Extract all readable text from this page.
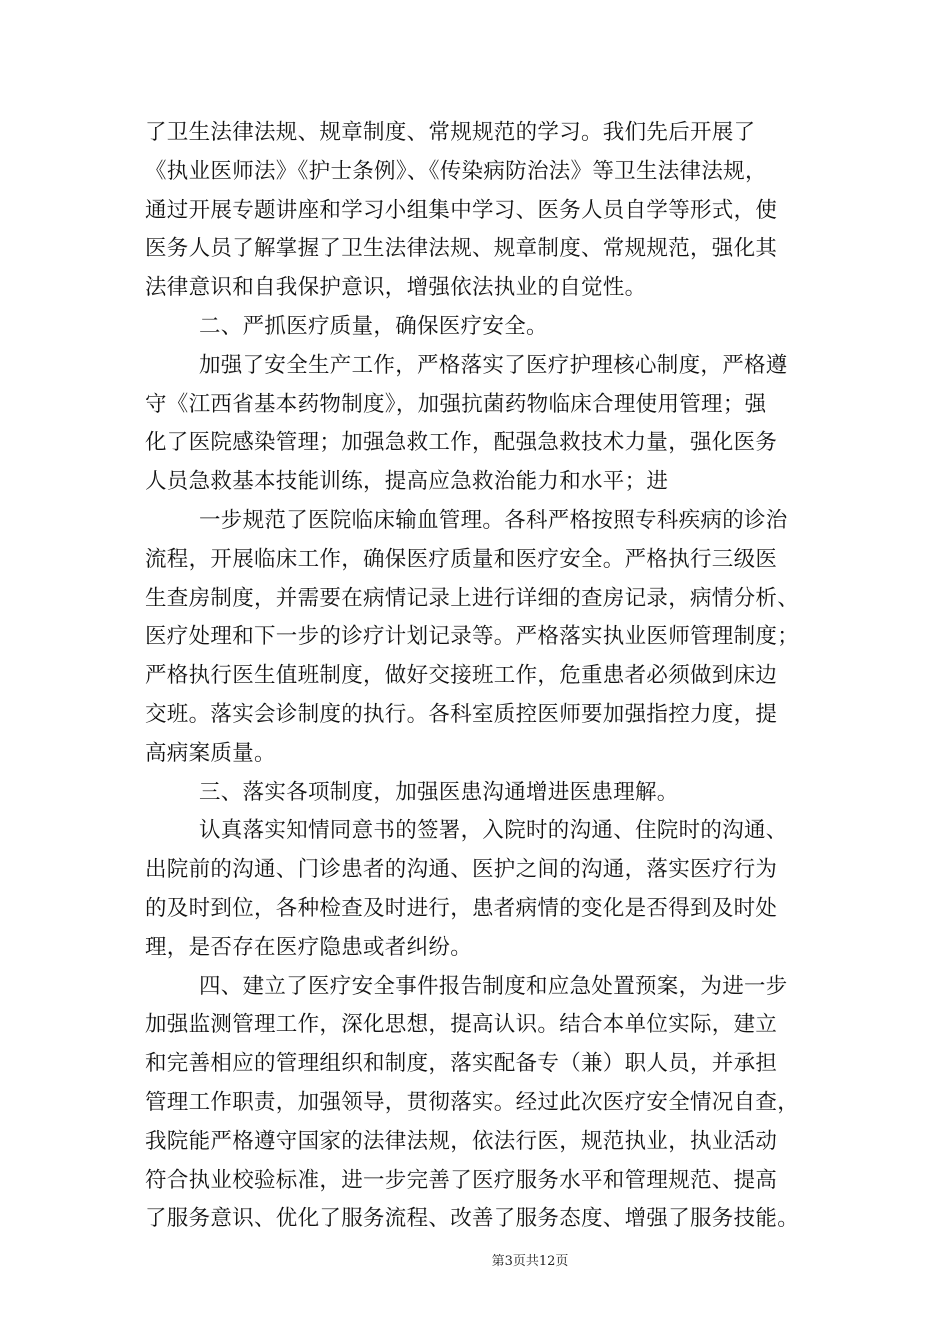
了卫生法律法规、规章制度、常规规范的学习。我们先后开展了
《执业医师法》《护士条例》、《传染病防治法》等卫生法律法规，
通过开展专题讲座和学习小组集中学习、医务人员自学等形式，使
医务人员了解掌握了卫生法律法规、规章制度、常规规范，强化其
法律意识和自我保护意识，增强依法执业的自觉性。
二、严抓医疗质量，确保医疗安全。
加强了安全生产工作，严格落实了医疗护理核心制度，严格遵
守《江西省基本药物制度》，加强抗菌药物临床合理使用管理；强
化了医院感染管理；加强急救工作，配强急救技术力量，强化医务
人员急救基本技能训练，提高应急救治能力和水平；进
一步规范了医院临床输血管理。各科严格按照专科疾病的诊治
流程，开展临床工作，确保医疗质量和医疗安全。严格执行三级医
生查房制度，并需要在病情记录上进行详细的查房记录，病情分析、
医疗处理和下一步的诊疗计划记录等。严格落实执业医师管理制度；
严格执行医生值班制度，做好交接班工作，危重患者必须做到床边
交班。落实会诊制度的执行。各科室质控医师要加强指控力度，提
高病案质量。
三、落实各项制度，加强医患沟通增进医患理解。
认真落实知情同意书的签署，入院时的沟通、住院时的沟通、
出院前的沟通、门诊患者的沟通、医护之间的沟通，落实医疗行为
的及时到位，各种检查及时进行，患者病情的变化是否得到及时处
理，是否存在医疗隐患或者纠纷。
四、建立了医疗安全事件报告制度和应急处置预案，为进一步
加强监测管理工作，深化思想，提高认识。结合本单位实际，建立
和完善相应的管理组织和制度，落实配备专（兼）职人员，并承担
管理工作职责，加强领导，贯彻落实。经过此次医疗安全情况自查，
我院能严格遵守国家的法律法规，依法行医，规范执业，执业活动
符合执业校验标准，进一步完善了医疗服务水平和管理规范、提高
了服务意识、优化了服务流程、改善了服务态度、增强了服务技能。
第3页共12页
